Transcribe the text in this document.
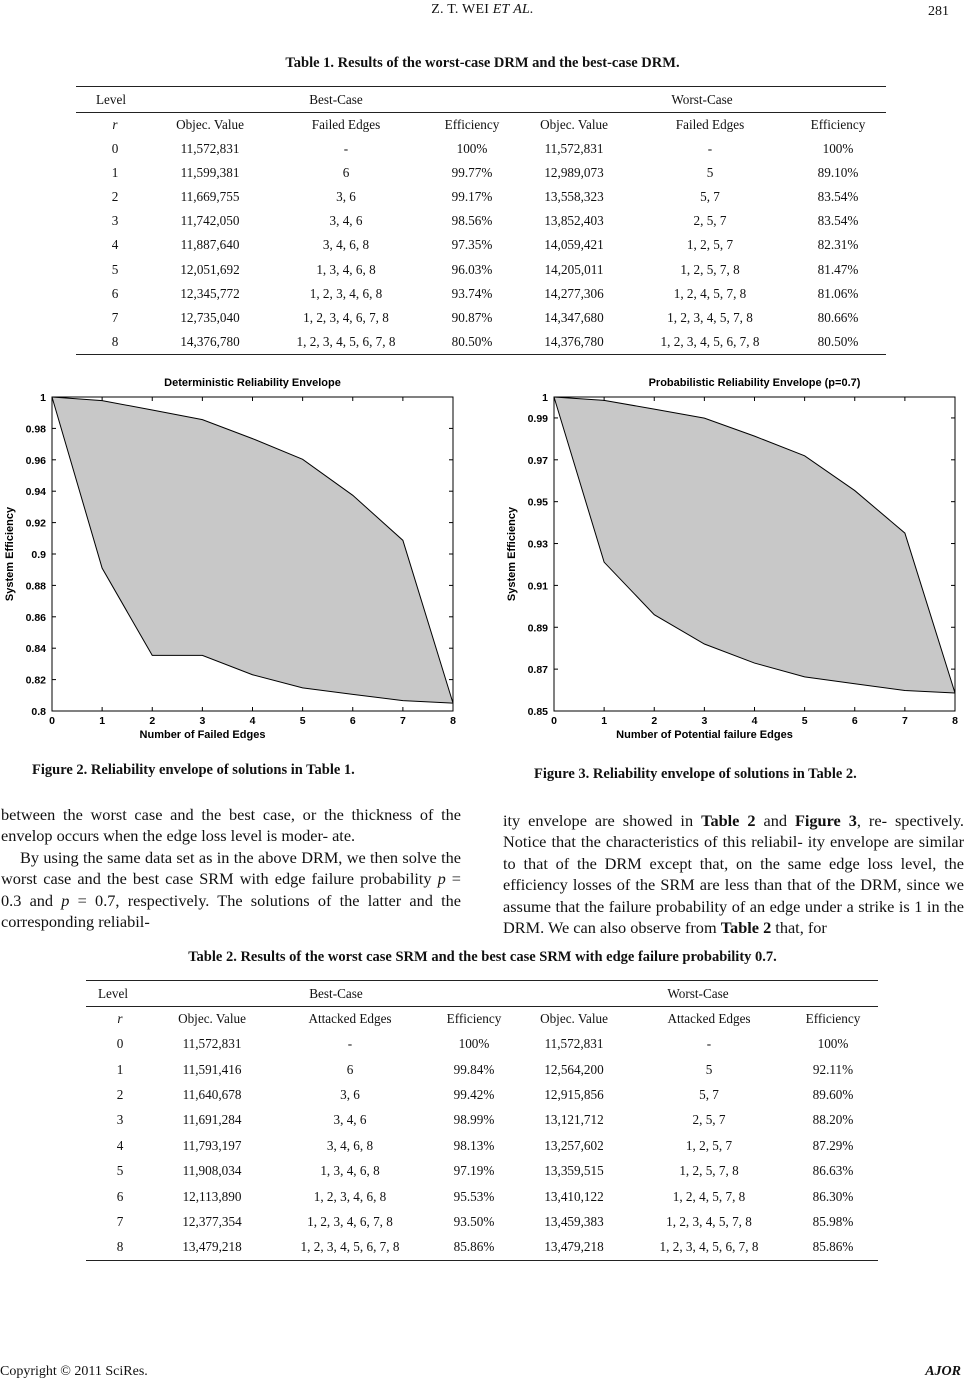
Z. T. WEI ET AL.	281
Table 1. Results of the worst-case DRM and the best-case DRM.
Level	Best-Case			Worst-Case		
r	Objec. Value	Failed Edges	Efficiency	Objec. Value	Failed Edges	Efficiency
0	11,572,831	-	100%	11,572,831	-	100%
1	11,599,381	6	99.77%	12,989,073	5	89.10%
2	11,669,755	3, 6	99.17%	13,558,323	5, 7	83.54%
3	11,742,050	3, 4, 6	98.56%	13,852,403	2, 5, 7	83.54%
4	11,887,640	3, 4, 6, 8	97.35%	14,059,421	1, 2, 5, 7	82.31%
5	12,051,692	1, 3, 4, 6, 8	96.03%	14,205,011	1, 2, 5, 7, 8	81.47%
6	12,345,772	1, 2, 3, 4, 6, 8	93.74%	14,277,306	1, 2, 4, 5, 7, 8	81.06%
7	12,735,040	1, 2, 3, 4, 6, 7, 8	90.87%	14,347,680	1, 2, 3, 4, 5, 7, 8	80.66%
8	14,376,780	1, 2, 3, 4, 5, 6, 7, 8	80.50%	14,376,780	1, 2, 3, 4, 5, 6, 7, 8	80.50%
Deterministic Reliability Envelope
0	1	2	3	4	5	6	7	8
0.8
0.82
0.84
0.86
0.88
0.9
0.92
0.94
0.96
0.98
1
Number of Failed Edges
System Efficiency
Figure 2. Reliability envelope of solutions in Table 1.
Probabilistic Reliability Envelope (p=0.7)
0	1	2	3	4	5	6	7	8
0.85
0.87
0.89
0.91
0.93
0.95
0.97
0.99
1
Number of Potential failure Edges
System Efficiency
Figure 3. Reliability envelope of solutions in Table 2.

between the worst case and the best case, or the thickness of the envelop occurs when the edge loss level is moder- ate.

By using the same data set as in the above DRM, we then solve the worst case and the best case SRM with edge failure probability p = 0.3 and p = 0.7, respectively. The solutions of the latter and the corresponding reliabil-

ity envelope are showed in Table 2 and Figure 3, re- spectively. Notice that the characteristics of this reliabil- ity envelope are similar to that of the DRM except that, on the same edge loss level, the efficiency losses of the SRM are less than that of the DRM, since we assume that the failure probability of an edge under a strike is 1 in the DRM. We can also observe from Table 2 that, for

Table 2. Results of the worst case SRM and the best case SRM with edge failure probability 0.7.
Level	Best-Case			Worst-Case		
r	Objec. Value	Attacked Edges	Efficiency	Objec. Value	Attacked Edges	Efficiency
0	11,572,831	-	100%	11,572,831	-	100%
1	11,591,416	6	99.84%	12,564,200	5	92.11%
2	11,640,678	3, 6	99.42%	12,915,856	5, 7	89.60%
3	11,691,284	3, 4, 6	98.99%	13,121,712	2, 5, 7	88.20%
4	11,793,197	3, 4, 6, 8	98.13%	13,257,602	1, 2, 5, 7	87.29%
5	11,908,034	1, 3, 4, 6, 8	97.19%	13,359,515	1, 2, 5, 7, 8	86.63%
6	12,113,890	1, 2, 3, 4, 6, 8	95.53%	13,410,122	1, 2, 4, 5, 7, 8	86.30%
7	12,377,354	1, 2, 3, 4, 6, 7, 8	93.50%	13,459,383	1, 2, 3, 4, 5, 7, 8	85.98%
8	13,479,218	1, 2, 3, 4, 5, 6, 7, 8	85.86%	13,479,218	1, 2, 3, 4, 5, 6, 7, 8	85.86%
Copyright © 2011 SciRes.	AJOR
